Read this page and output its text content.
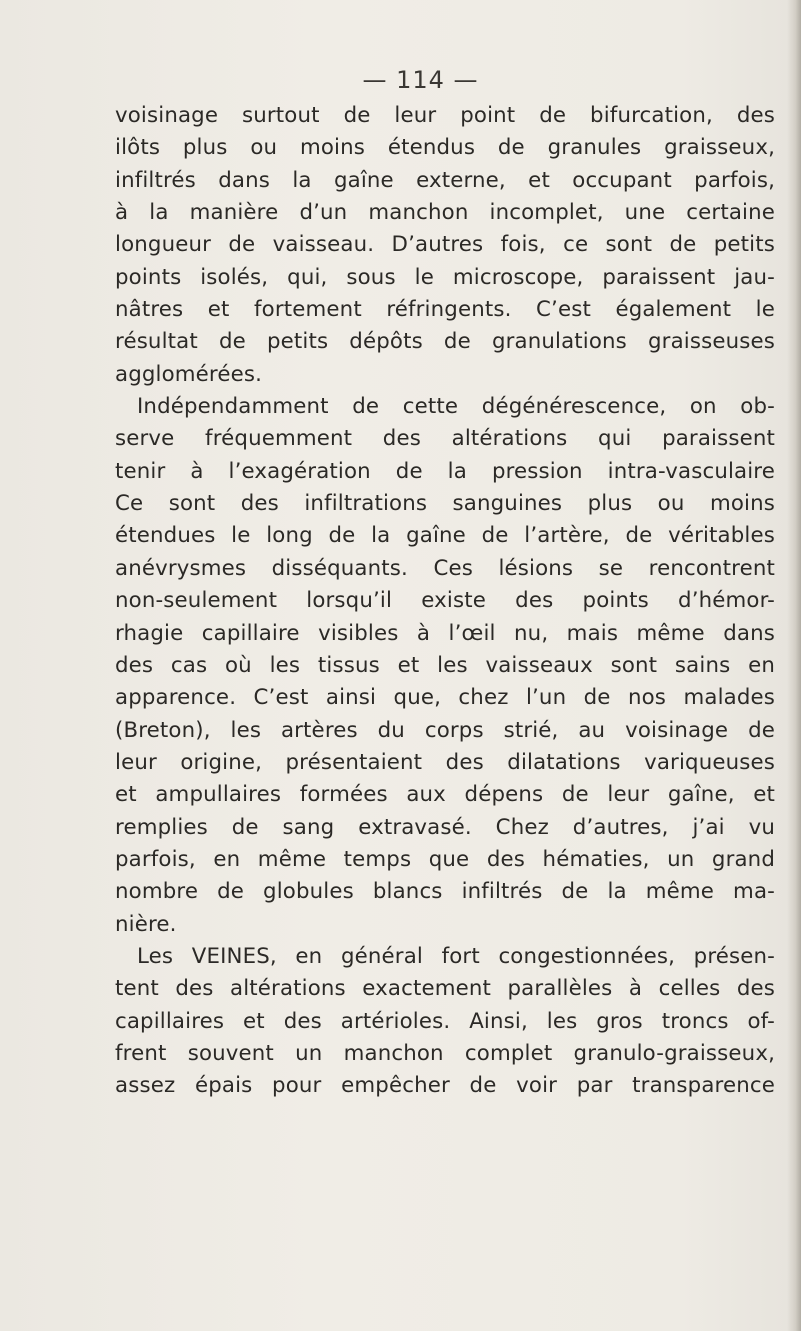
— 114 —
voisinage surtout de leur point de bifurcation, des
ilôts plus ou moins étendus de granules graisseux,
infiltrés dans la gaîne externe, et occupant parfois,
à la manière d’un manchon incomplet, une certaine
longueur de vaisseau. D’autres fois, ce sont de petits
points isolés, qui, sous le microscope, paraissent jau-
nâtres et fortement réfringents. C’est également le
résultat de petits dépôts de granulations graisseuses
agglomérées.
Indépendamment de cette dégénérescence, on ob-
serve fréquemment des altérations qui paraissent
tenir à l’exagération de la pression intra-vasculaire
Ce sont des infiltrations sanguines plus ou moins
étendues le long de la gaîne de l’artère, de véritables
anévrysmes disséquants. Ces lésions se rencontrent
non-seulement lorsqu’il existe des points d’hémor-
rhagie capillaire visibles à l’œil nu, mais même dans
des cas où les tissus et les vaisseaux sont sains en
apparence. C’est ainsi que, chez l’un de nos malades
(Breton), les artères du corps strié, au voisinage de
leur origine, présentaient des dilatations variqueuses
et ampullaires formées aux dépens de leur gaîne, et
remplies de sang extravasé. Chez d’autres, j’ai vu
parfois, en même temps que des hématies, un grand
nombre de globules blancs infiltrés de la même ma-
nière.
Les VEINES, en général fort congestionnées, présen-
tent des altérations exactement parallèles à celles des
capillaires et des artérioles. Ainsi, les gros troncs of-
frent souvent un manchon complet granulo-graisseux,
assez épais pour empêcher de voir par transparence
